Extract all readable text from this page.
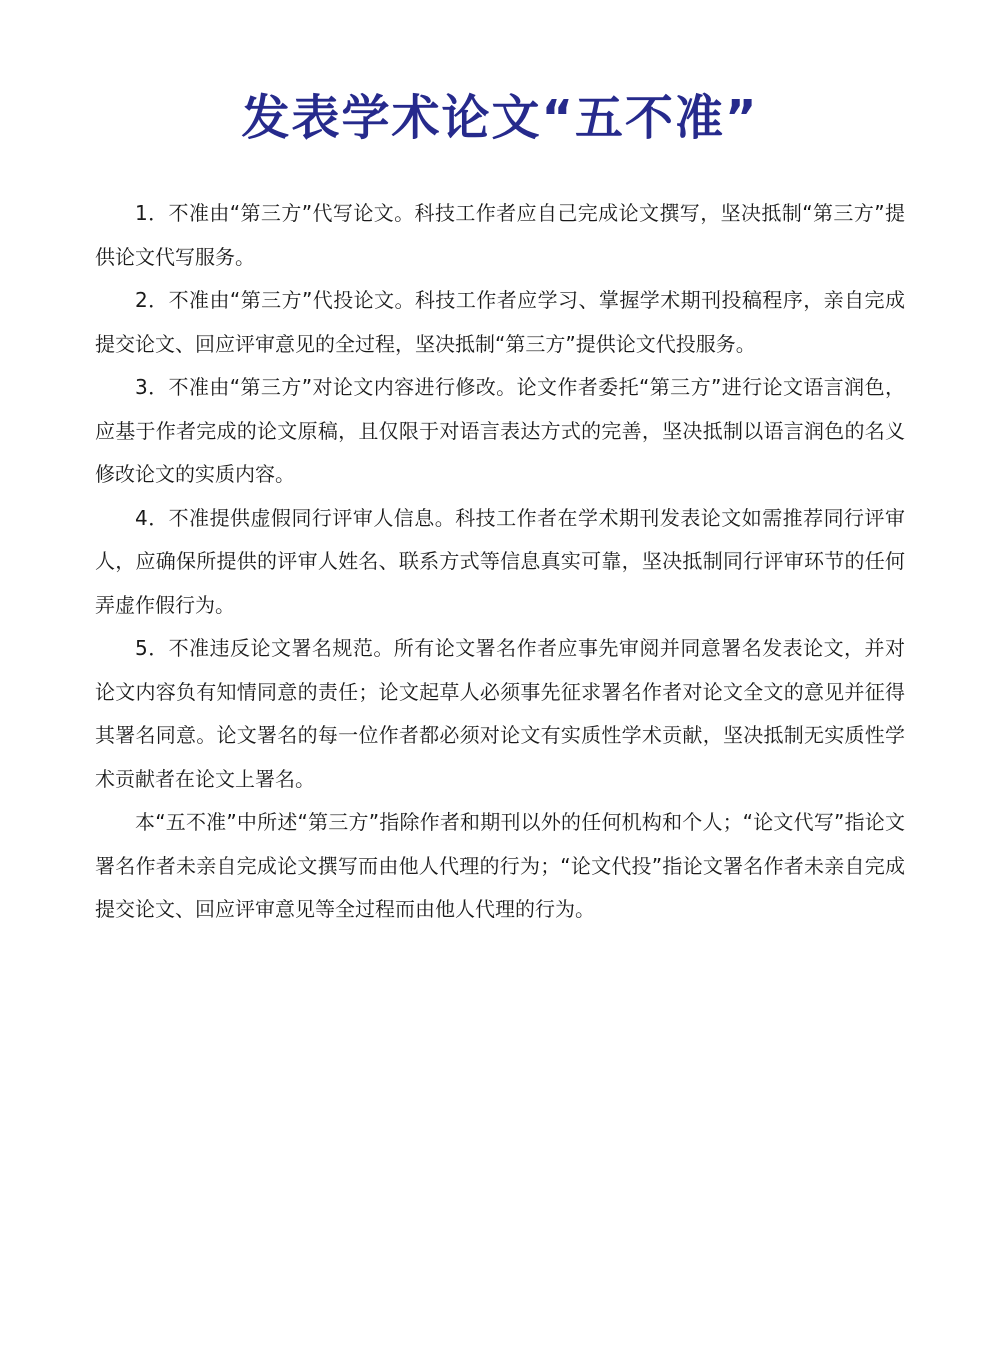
发表学术论文“五不准”

1．不准由“第三方”代写论文。科技工作者应自己完成论文撰写，坚决抵制“第三方”提供论文代写服务。

2．不准由“第三方”代投论文。科技工作者应学习、掌握学术期刊投稿程序，亲自完成提交论文、回应评审意见的全过程，坚决抵制“第三方”提供论文代投服务。

3．不准由“第三方”对论文内容进行修改。论文作者委托“第三方”进行论文语言润色，应基于作者完成的论文原稿，且仅限于对语言表达方式的完善，坚决抵制以语言润色的名义修改论文的实质内容。

4．不准提供虚假同行评审人信息。科技工作者在学术期刊发表论文如需推荐同行评审人，应确保所提供的评审人姓名、联系方式等信息真实可靠，坚决抵制同行评审环节的任何弄虚作假行为。

5．不准违反论文署名规范。所有论文署名作者应事先审阅并同意署名发表论文，并对论文内容负有知情同意的责任；论文起草人必须事先征求署名作者对论文全文的意见并征得其署名同意。论文署名的每一位作者都必须对论文有实质性学术贡献，坚决抵制无实质性学术贡献者在论文上署名。

本“五不准”中所述“第三方”指除作者和期刊以外的任何机构和个人；“论文代写”指论文署名作者未亲自完成论文撰写而由他人代理的行为；“论文代投”指论文署名作者未亲自完成提交论文、回应评审意见等全过程而由他人代理的行为。
